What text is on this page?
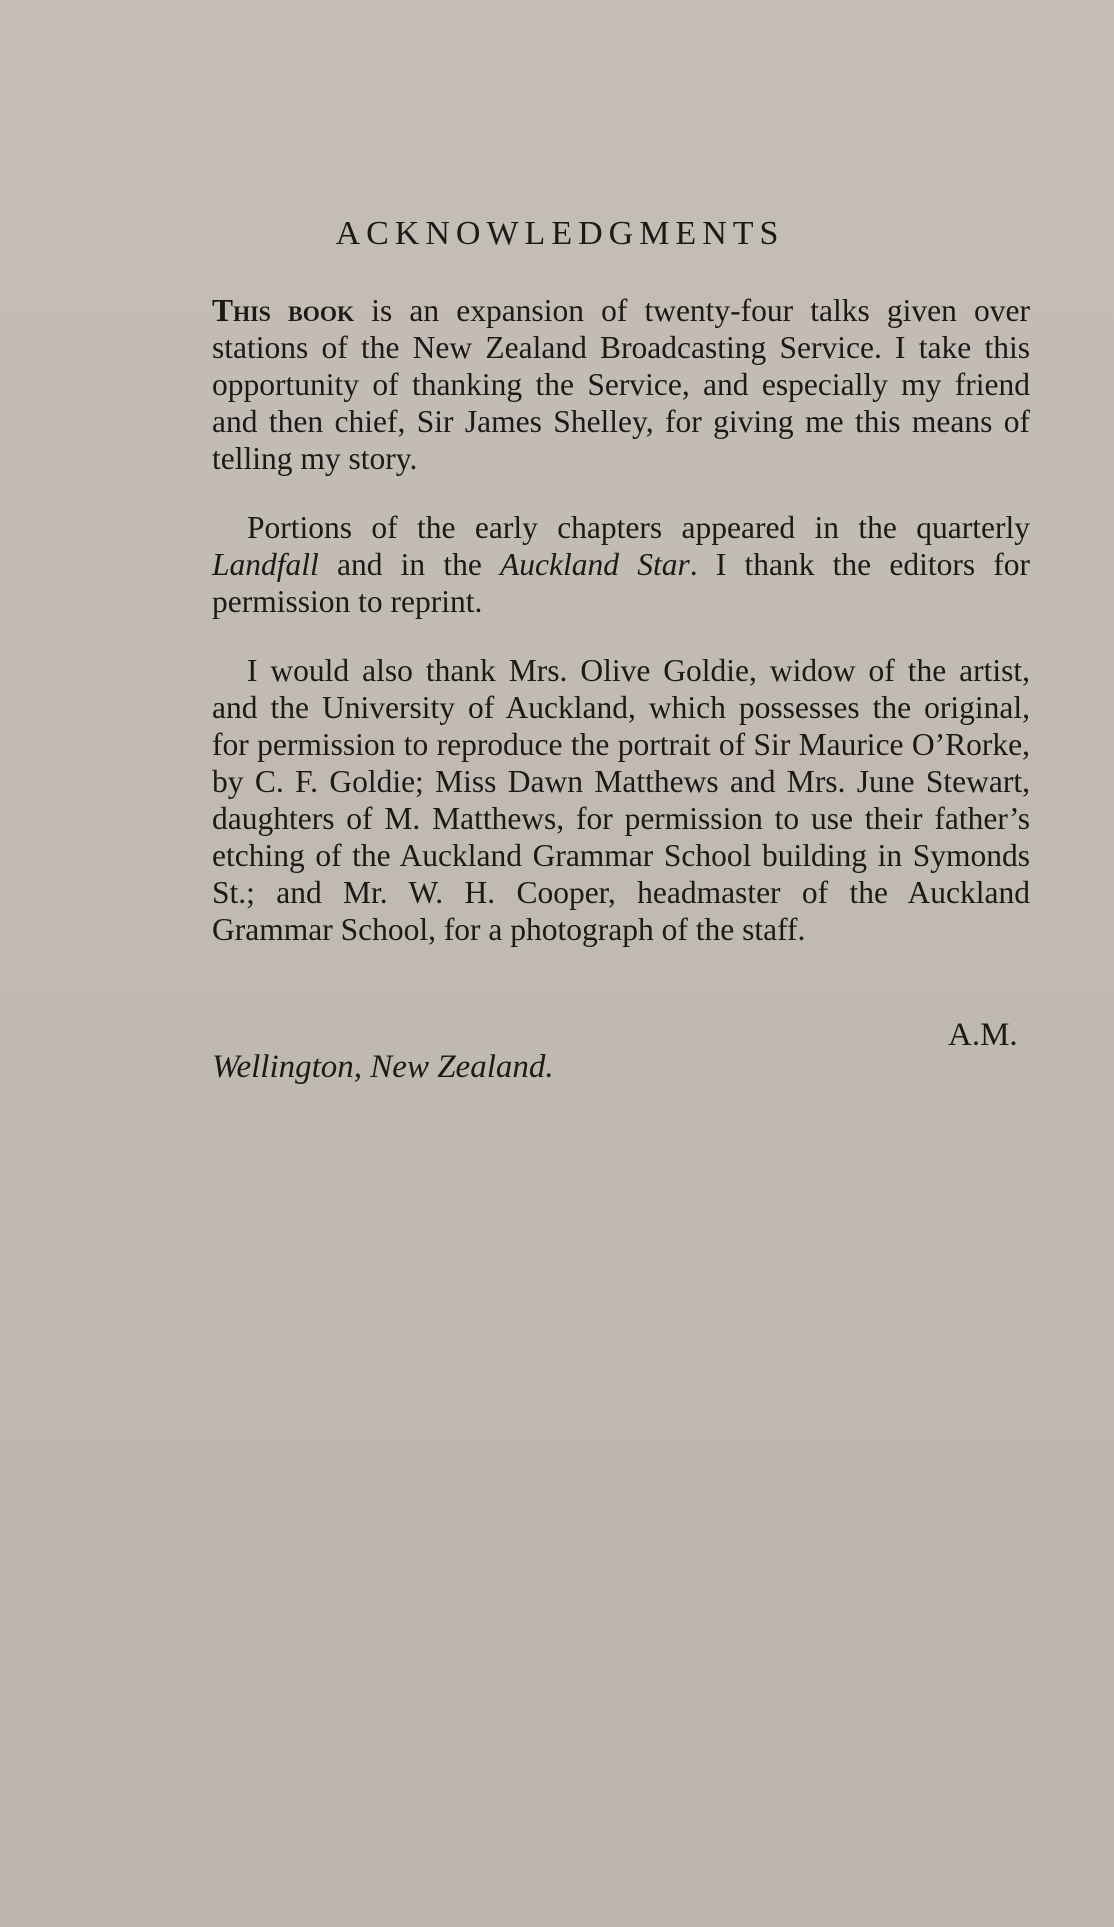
ACKNOWLEDGMENTS

This book is an expansion of twenty-four talks given over stations of the New Zealand Broadcasting Service. I take this opportunity of thanking the Service, and especially my friend and then chief, Sir James Shelley, for giving me this means of telling my story.

Portions of the early chapters appeared in the quarterly Landfall and in the Auckland Star. I thank the editors for permission to reprint.

I would also thank Mrs. Olive Goldie, widow of the artist, and the University of Auckland, which possesses the original, for permission to reproduce the portrait of Sir Maurice O’Rorke, by C. F. Goldie; Miss Dawn Matthews and Mrs. June Stewart, daughters of M. Matthews, for permission to use their father’s etching of the Auckland Grammar School building in Symonds St.; and Mr. W. H. Cooper, headmaster of the Auckland Grammar School, for a photograph of the staff.

A.M.
Wellington, New Zealand.
